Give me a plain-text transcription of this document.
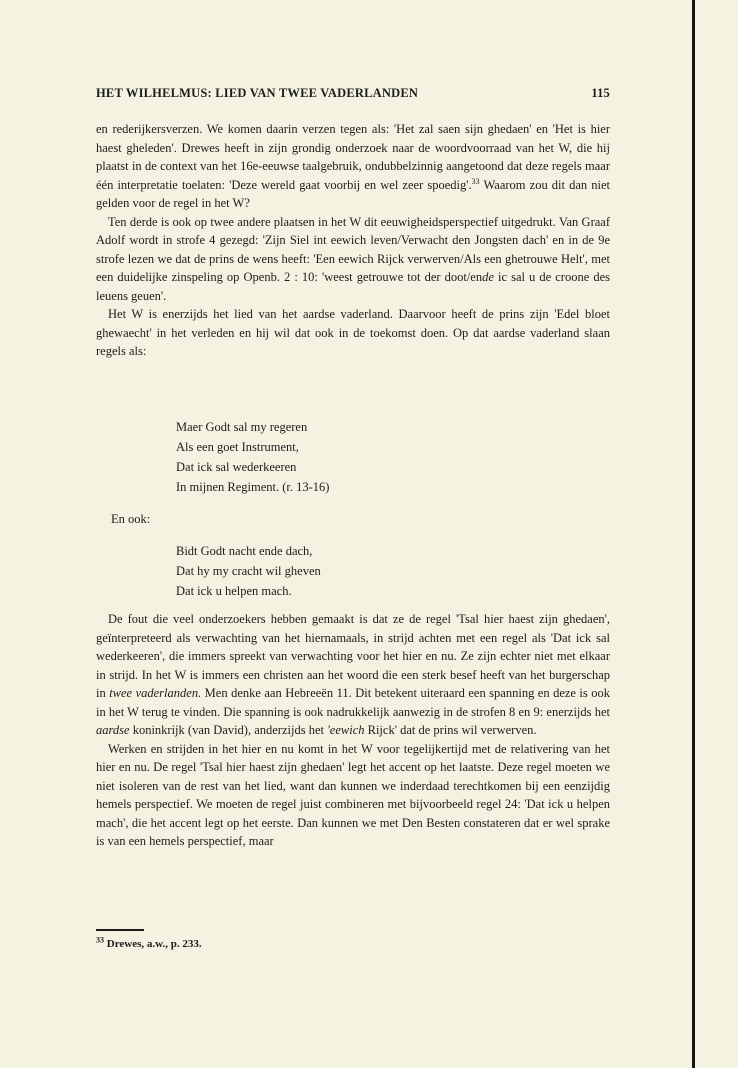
HET WILHELMUS: LIED VAN TWEE VADERLANDEN	115

en rederijkersverzen. We komen daarin verzen tegen als: 'Het zal saen sijn ghedaen' en 'Het is hier haest gheleden'. Drewes heeft in zijn grondig onderzoek naar de woordvoorraad van het W, die hij plaatst in de context van het 16e-eeuwse taalgebruik, ondubbelzinnig aangetoond dat deze regels maar één interpretatie toelaten: 'Deze wereld gaat voorbij en wel zeer spoedig'.$^{33}$ Waarom zou dit dan niet gelden voor de regel in het W?

Ten derde is ook op twee andere plaatsen in het W dit eeuwigheidsperspectief uitgedrukt. Van Graaf Adolf wordt in strofe 4 gezegd: 'Zijn Siel int eewich leven/Verwacht den Jongsten dach' en in de 9e strofe lezen we dat de prins de wens heeft: 'Een eewich Rijck verwerven/Als een ghetrouwe Helt', met een duidelijke zinspeling op Openb. 2 : 10: 'weest getrouwe tot der doot/ende ic sal u de croone des leuens geuen'.

Het W is enerzijds het lied van het aardse vaderland. Daarvoor heeft de prins zijn 'Edel bloet ghewaecht' in het verleden en hij wil dat ook in de toekomst doen. Op dat aardse vaderland slaan regels als:

Maer Godt sal my regeren
Als een goet Instrument,
Dat ick sal wederkeeren
In mijnen Regiment. (r. 13-16)
En ook:
Bidt Godt nacht ende dach,
Dat hy my cracht wil gheven
Dat ick u helpen mach.

De fout die veel onderzoekers hebben gemaakt is dat ze de regel 'Tsal hier haest zijn ghedaen', geïnterpreteerd als verwachting van het hiernamaals, in strijd achten met een regel als 'Dat ick sal wederkeeren', die immers spreekt van verwachting voor het hier en nu. Ze zijn echter niet met elkaar in strijd. In het W is immers een christen aan het woord die een sterk besef heeft van het burgerschap in twee vaderlanden. Men denke aan Hebreeën 11. Dit betekent uiteraard een spanning en deze is ook in het W terug te vinden. Die spanning is ook nadrukkelijk aanwezig in de strofen 8 en 9: enerzijds het aardse koninkrijk (van David), anderzijds het 'eewich Rijck' dat de prins wil verwerven.

Werken en strijden in het hier en nu komt in het W voor tegelijkertijd met de relativering van het hier en nu. De regel 'Tsal hier haest zijn ghedaen' legt het accent op het laatste. Deze regel moeten we niet isoleren van de rest van het lied, want dan kunnen we inderdaad terechtkomen bij een eenzijdig hemels perspectief. We moeten de regel juist combineren met bijvoorbeeld regel 24: 'Dat ick u helpen mach', die het accent legt op het eerste. Dan kunnen we met Den Besten constateren dat er wel sprake is van een hemels perspectief, maar

$^{33}$ Drewes, a.w., p. 233.
